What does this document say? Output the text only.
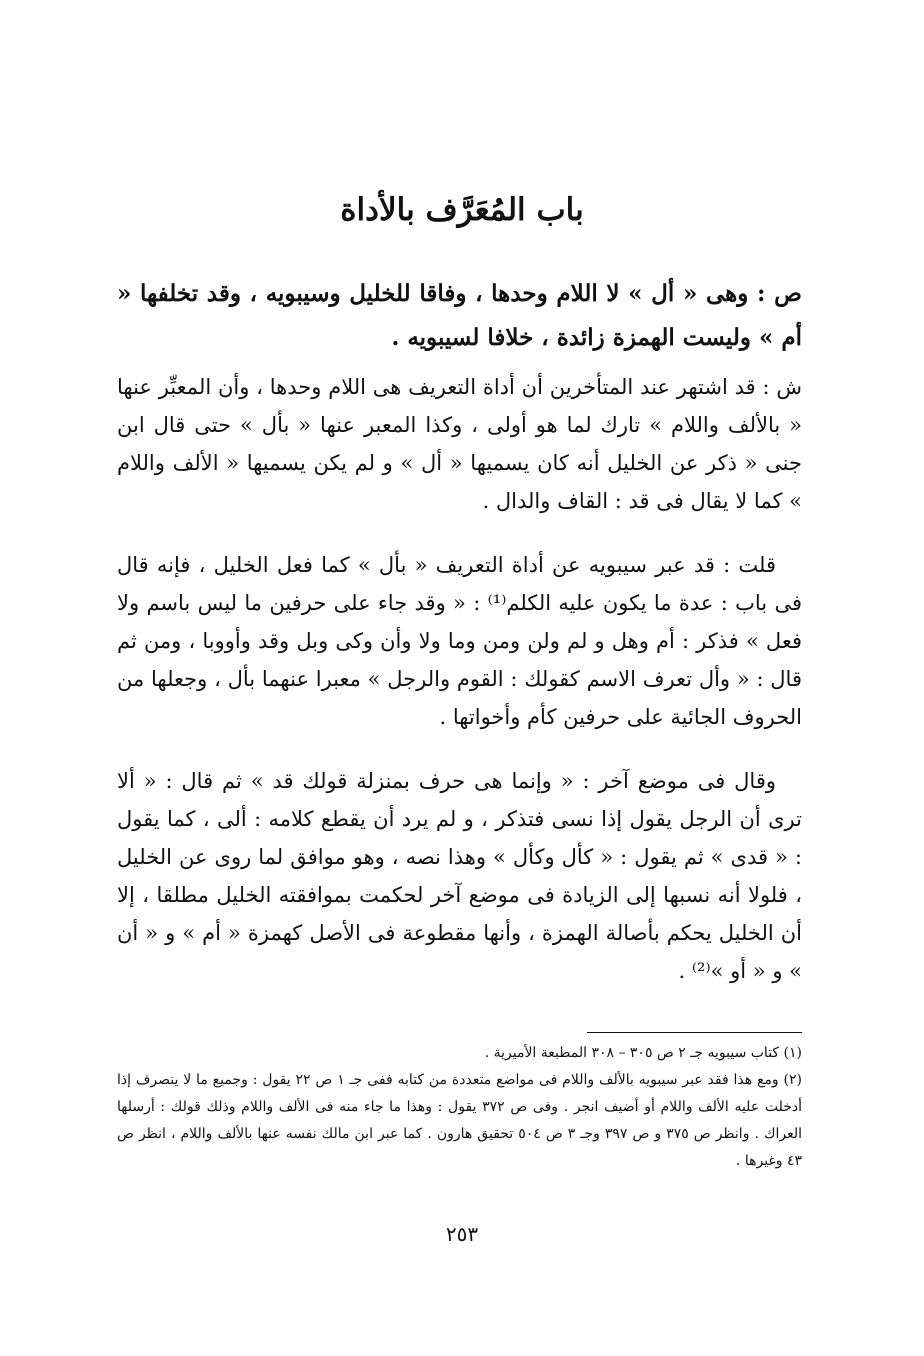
باب المُعَرَّف بالأداة

ص : وهى « أل » لا اللام وحدها ، وفاقا للخليل وسيبويه ، وقد تخلفها « أم » وليست الهمزة زائدة ، خلافا لسيبويه .

ش : قد اشتهر عند المتأخرين أن أداة التعريف هى اللام وحدها ، وأن المعبِّر عنها « بالألف واللام » تارك لما هو أولى ، وكذا المعبر عنها « بأل » حتى قال ابن جنى « ذكر عن الخليل أنه كان يسميها « أل » و لم يكن يسميها « الألف واللام » كما لا يقال فى قد : القاف والدال .

قلت : قد عبر سيبويه عن أداة التعريف « بأل » كما فعل الخليل ، فإنه قال فى باب : عدة ما يكون عليه الكلم⁽¹⁾ : « وقد جاء على حرفين ما ليس باسم ولا فعل » فذكر : أم وهل و لم ولن ومن وما ولا وأن وكى وبل وقد وأووبا ، ومن ثم قال : « وأل تعرف الاسم كقولك : القوم والرجل » معبرا عنهما بأل ، وجعلها من الحروف الجائية على حرفين كأم وأخواتها .

وقال فى موضع آخر : « وإنما هى حرف بمنزلة قولك قد » ثم قال : « ألا ترى أن الرجل يقول إذا نسى فتذكر ، و لم يرد أن يقطع كلامه : ألى ، كما يقول : « قدى » ثم يقول : « كأل وكأل » وهذا نصه ، وهو موافق لما روى عن الخليل ، فلولا أنه نسبها إلى الزيادة فى موضع آخر لحكمت بموافقته الخليل مطلقا ، إلا أن الخليل يحكم بأصالة الهمزة ، وأنها مقطوعة فى الأصل كهمزة « أم » و « أن » و « أو »⁽²⁾ .

(١) كتاب سيبويه جـ ٢ ص ٣٠٥ – ٣٠٨ المطبعة الأميرية .

(٢) ومع هذا فقد عبر سيبويه بالألف واللام فى مواضع متعددة من كتابه ففى جـ ١ ص ٢٢ يقول : وجميع ما لا ينصرف إذا أدخلت عليه الألف واللام أو أضيف انجر . وفى ص ٣٧٢ يقول : وهذا ما جاء منه فى الألف واللام وذلك قولك : أرسلها العراك . وانظر ص ٣٧٥ و ص ٣٩٧ وجـ ٣ ص ٥٠٤ تحقيق هارون . كما عبر ابن مالك نفسه عنها بالألف واللام ، انظر ص ٤٣ وغيرها .

٢٥٣
